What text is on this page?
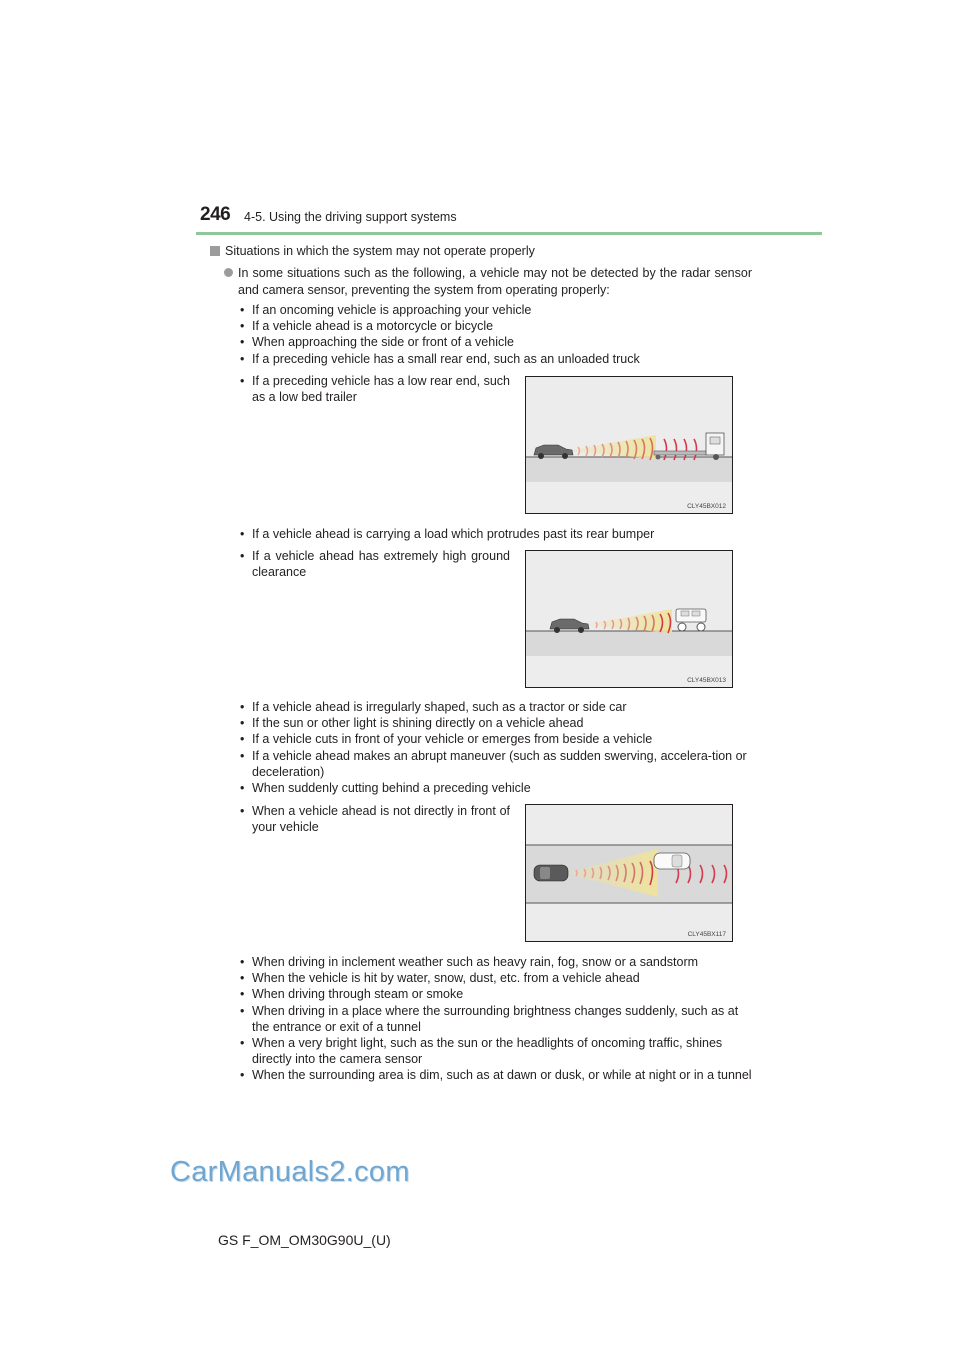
246 4-5. Using the driving support systems
Situations in which the system may not operate properly

In some situations such as the following, a vehicle may not be detected by the radar sensor and camera sensor, preventing the system from operating properly:

• If an oncoming vehicle is approaching your vehicle
• If a vehicle ahead is a motorcycle or bicycle
• When approaching the side or front of a vehicle
• If a preceding vehicle has a small rear end, such as an unloaded truck
• If a preceding vehicle has a low rear end, such as a low bed trailer
CLY45BX012
• If a vehicle ahead is carrying a load which protrudes past its rear bumper
• If a vehicle ahead has extremely high ground clearance
CLY45BX013
• If a vehicle ahead is irregularly shaped, such as a tractor or side car
• If the sun or other light is shining directly on a vehicle ahead
• If a vehicle cuts in front of your vehicle or emerges from beside a vehicle
• If a vehicle ahead makes an abrupt maneuver (such as sudden swerving, accelera-tion or deceleration)
• When suddenly cutting behind a preceding vehicle
• When a vehicle ahead is not directly in front of your vehicle
CLY45BX117
• When driving in inclement weather such as heavy rain, fog, snow or a sandstorm
• When the vehicle is hit by water, snow, dust, etc. from a vehicle ahead
• When driving through steam or smoke
• When driving in a place where the surrounding brightness changes suddenly, such as at the entrance or exit of a tunnel
• When a very bright light, such as the sun or the headlights of oncoming traffic, shines directly into the camera sensor
• When the surrounding area is dim, such as at dawn or dusk, or while at night or in a tunnel
CarManuals2.com
GS F_OM_OM30G90U_(U)
